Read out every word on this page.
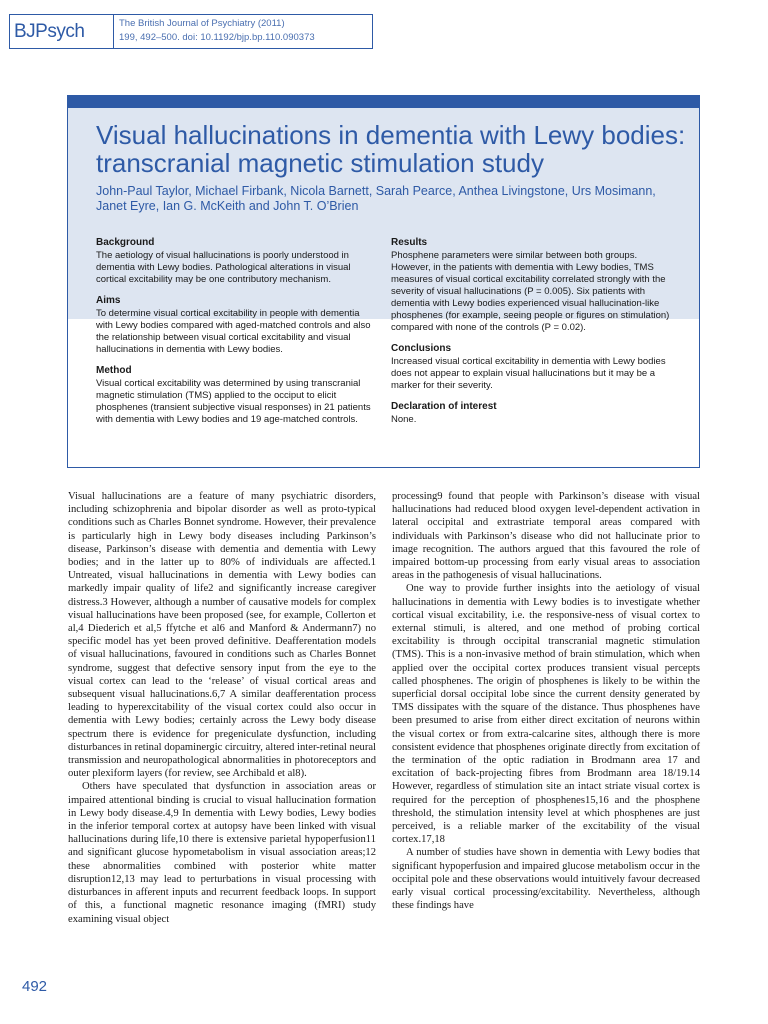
BJPsych	The British Journal of Psychiatry (2011)
199, 492–500. doi: 10.1192/bjp.bp.110.090373
Visual hallucinations in dementia with Lewy bodies: transcranial magnetic stimulation study
John-Paul Taylor, Michael Firbank, Nicola Barnett, Sarah Pearce, Anthea Livingstone, Urs Mosimann, Janet Eyre, Ian G. McKeith and John T. O’Brien
Background

The aetiology of visual hallucinations is poorly understood in dementia with Lewy bodies. Pathological alterations in visual cortical excitability may be one contributory mechanism.

Aims

To determine visual cortical excitability in people with dementia with Lewy bodies compared with aged-matched controls and also the relationship between visual cortical excitability and visual hallucinations in dementia with Lewy bodies.

Method

Visual cortical excitability was determined by using transcranial magnetic stimulation (TMS) applied to the occiput to elicit phosphenes (transient subjective visual responses) in 21 patients with dementia with Lewy bodies and 19 age-matched controls.

Results

Phosphene parameters were similar between both groups. However, in the patients with dementia with Lewy bodies, TMS measures of visual cortical excitability correlated strongly with the severity of visual hallucinations (P = 0.005). Six patients with dementia with Lewy bodies experienced visual hallucination-like phosphenes (for example, seeing people or figures on stimulation) compared with none of the controls (P = 0.02).

Conclusions

Increased visual cortical excitability in dementia with Lewy bodies does not appear to explain visual hallucinations but it may be a marker for their severity.

Declaration of interest

None.

Visual hallucinations are a feature of many psychiatric disorders, including schizophrenia and bipolar disorder as well as proto-typical conditions such as Charles Bonnet syndrome. However, their prevalence is particularly high in Lewy body diseases including Parkinson’s disease, Parkinson’s disease with dementia and dementia with Lewy bodies; and in the latter up to 80% of individuals are affected.1 Untreated, visual hallucinations in dementia with Lewy bodies can markedly impair quality of life2 and significantly increase caregiver distress.3 However, although a number of causative models for complex visual hallucinations have been proposed (see, for example, Collerton et al,4 Diederich et al,5 ffytche et al6 and Manford & Andermann7) no specific model has yet been proved definitive. Deafferentation models of visual hallucinations, favoured in conditions such as Charles Bonnet syndrome, suggest that defective sensory input from the eye to the visual cortex can lead to the ‘release’ of visual cortical areas and subsequent visual hallucinations.6,7 A similar deafferentation process leading to hyperexcitability of the visual cortex could also occur in dementia with Lewy bodies; certainly across the Lewy body disease spectrum there is evidence for pregeniculate dysfunction, including disturbances in retinal dopaminergic circuitry, altered inter-retinal neural transmission and neuropathological abnormalities in photoreceptors and outer plexiform layers (for review, see Archibald et al8).

Others have speculated that dysfunction in association areas or impaired attentional binding is crucial to visual hallucination formation in Lewy body disease.4,9 In dementia with Lewy bodies, Lewy bodies in the inferior temporal cortex at autopsy have been linked with visual hallucinations during life,10 there is extensive parietal hypoperfusion11 and significant glucose hypometabolism in visual association areas;12 these abnormalities combined with posterior white matter disruption12,13 may lead to perturbations in visual processing with disturbances in afferent inputs and recurrent feedback loops. In support of this, a functional magnetic resonance imaging (fMRI) study examining visual object

processing9 found that people with Parkinson’s disease with visual hallucinations had reduced blood oxygen level-dependent activation in lateral occipital and extrastriate temporal areas compared with individuals with Parkinson’s disease who did not hallucinate prior to image recognition. The authors argued that this favoured the role of impaired bottom-up processing from early visual areas to association areas in the pathogenesis of visual hallucinations.

One way to provide further insights into the aetiology of visual hallucinations in dementia with Lewy bodies is to investigate whether cortical visual excitability, i.e. the responsive-ness of visual cortex to external stimuli, is altered, and one method of probing cortical excitability is through occipital transcranial magnetic stimulation (TMS). This is a non-invasive method of brain stimulation, which when applied over the occipital cortex produces transient visual percepts called phosphenes. The origin of phosphenes is likely to be within the superficial dorsal occipital lobe since the current density generated by TMS dissipates with the square of the distance. Thus phosphenes have been presumed to arise from either direct excitation of neurons within the visual cortex or from extra-calcarine sites, although there is more consistent evidence that phosphenes originate directly from excitation of the termination of the optic radiation in Brodmann area 17 and excitation of back-projecting fibres from Brodmann area 18/19.14 However, regardless of stimulation site an intact striate visual cortex is required for the perception of phosphenes15,16 and the phosphene threshold, the stimulation intensity level at which phosphenes are just perceived, is a reliable marker of the excitability of the visual cortex.17,18

A number of studies have shown in dementia with Lewy bodies that significant hypoperfusion and impaired glucose metabolism occur in the occipital pole and these observations would intuitively favour decreased early visual cortical processing/excitability. Nevertheless, although these findings have

492
